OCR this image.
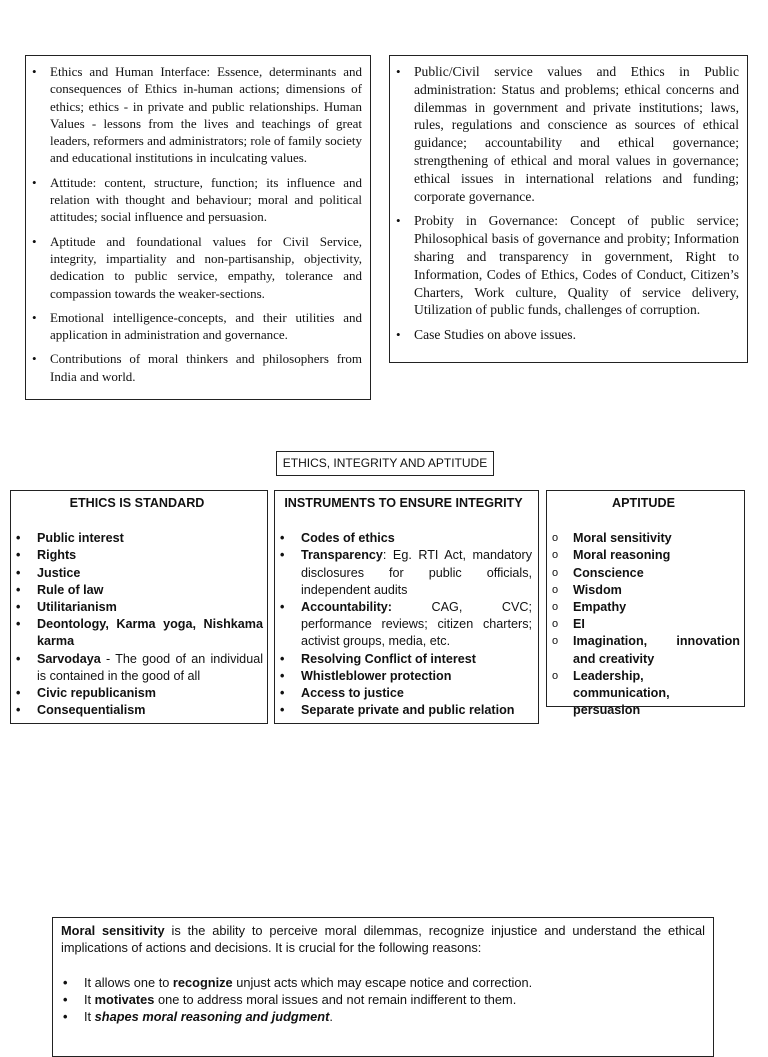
• Ethics and Human Interface: Essence, determinants and consequences of Ethics in-human actions; dimensions of ethics; ethics - in private and public relationships. Human Values - lessons from the lives and teachings of great leaders, reformers and administrators; role of family society and educational institutions in inculcating values.
• Attitude: content, structure, function; its influence and relation with thought and behaviour; moral and political attitudes; social influence and persuasion.
• Aptitude and foundational values for Civil Service, integrity, impartiality and non-partisanship, objectivity, dedication to public service, empathy, tolerance and compassion towards the weaker-sections.
• Emotional intelligence-concepts, and their utilities and application in administration and governance.
• Contributions of moral thinkers and philosophers from India and world.
• Public/Civil service values and Ethics in Public administration: Status and problems; ethical concerns and dilemmas in government and private institutions; laws, rules, regulations and conscience as sources of ethical guidance; accountability and ethical governance; strengthening of ethical and moral values in governance; ethical issues in international relations and funding; corporate governance.
• Probity in Governance: Concept of public service; Philosophical basis of governance and probity; Information sharing and transparency in government, Right to Information, Codes of Ethics, Codes of Conduct, Citizen’s Charters, Work culture, Quality of service delivery, Utilization of public funds, challenges of corruption.
• Case Studies on above issues.
ETHICS, INTEGRITY AND APTITUDE
ETHICS IS STANDARD
• Public interest
• Rights
• Justice
• Rule of law
• Utilitarianism
• Deontology, Karma yoga, Nishkama karma
• Sarvodaya - The good of an individual is contained in the good of all
• Civic republicanism
• Consequentialism
INSTRUMENTS TO ENSURE INTEGRITY
• Codes of ethics
• Transparency: Eg. RTI Act, mandatory disclosures for public officials, independent audits
• Accountability: CAG, CVC; performance reviews; citizen charters; activist groups, media, etc.
• Resolving Conflict of interest
• Whistleblower protection
• Access to justice
• Separate private and public relation
APTITUDE
o Moral sensitivity
o Moral reasoning
o Conscience
o Wisdom
o Empathy
o EI
o Imagination, innovation and creativity
o Leadership, communication, persuasion

Moral sensitivity is the ability to perceive moral dilemmas, recognize injustice and understand the ethical implications of actions and decisions. It is crucial for the following reasons:

• It allows one to recognize unjust acts which may escape notice and correction.
• It motivates one to address moral issues and not remain indifferent to them.
• It shapes moral reasoning and judgment.
